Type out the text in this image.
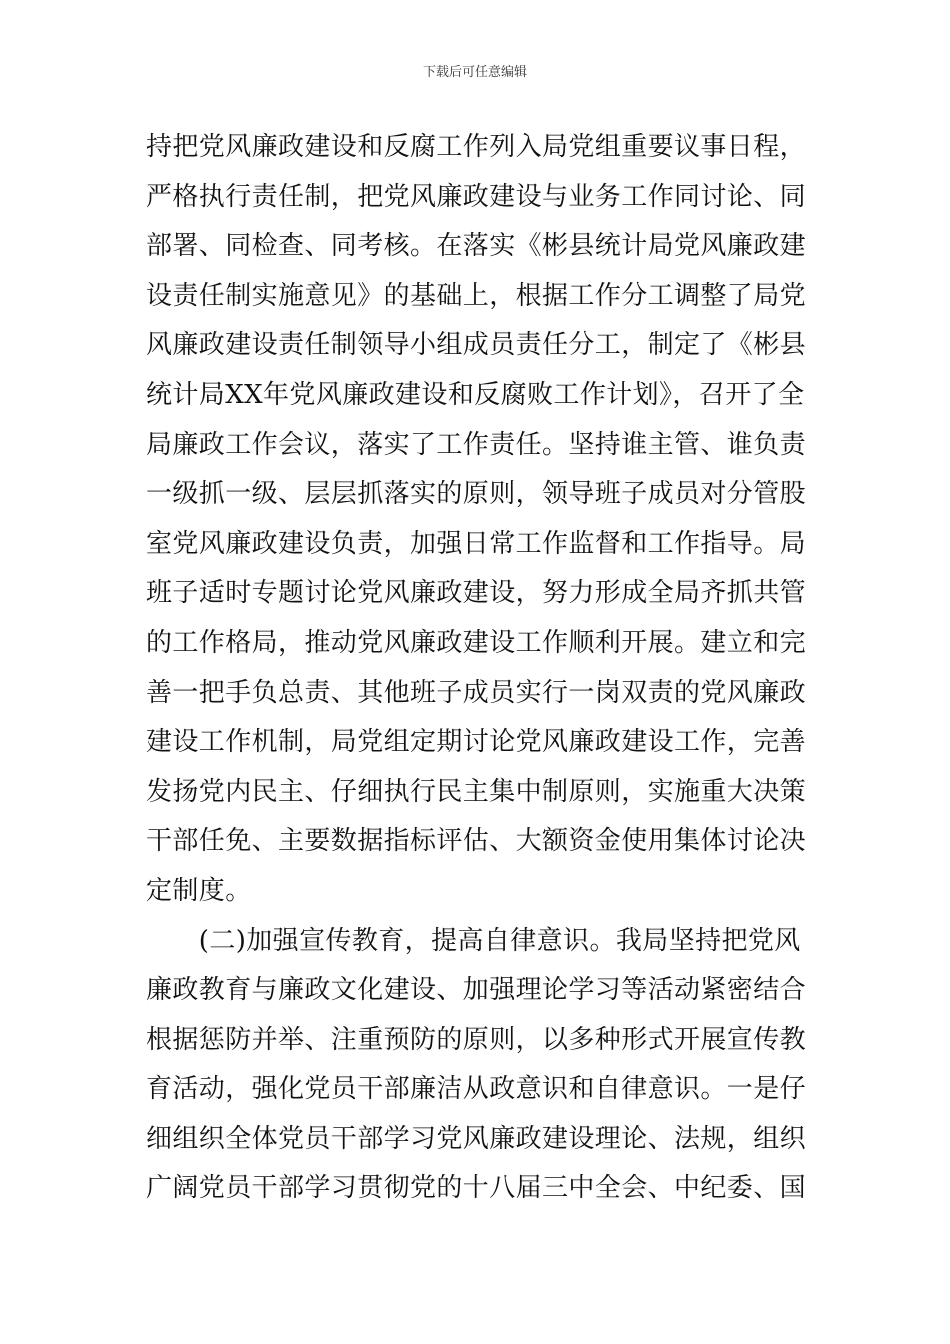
下载后可任意编辑
持把党风廉政建设和反腐工作列入局党组重要议事日程，
严格执行责任制，把党风廉政建设与业务工作同讨论、同
部署、同检查、同考核。在落实《彬县统计局党风廉政建
设责任制实施意见》的基础上，根据工作分工调整了局党
风廉政建设责任制领导小组成员责任分工，制定了《彬县
统计局XX年党风廉政建设和反腐败工作计划》，召开了全
局廉政工作会议，落实了工作责任。坚持谁主管、谁负责
一级抓一级、层层抓落实的原则，领导班子成员对分管股
室党风廉政建设负责，加强日常工作监督和工作指导。局
班子适时专题讨论党风廉政建设，努力形成全局齐抓共管
的工作格局，推动党风廉政建设工作顺利开展。建立和完
善一把手负总责、其他班子成员实行一岗双责的党风廉政
建设工作机制，局党组定期讨论党风廉政建设工作，完善
发扬党内民主、仔细执行民主集中制原则，实施重大决策
干部任免、主要数据指标评估、大额资金使用集体讨论决
定制度。
　　(二)加强宣传教育，提高自律意识。我局坚持把党风
廉政教育与廉政文化建设、加强理论学习等活动紧密结合
根据惩防并举、注重预防的原则，以多种形式开展宣传教
育活动，强化党员干部廉洁从政意识和自律意识。一是仔
细组织全体党员干部学习党风廉政建设理论、法规，组织
广阔党员干部学习贯彻党的十八届三中全会、中纪委、国
